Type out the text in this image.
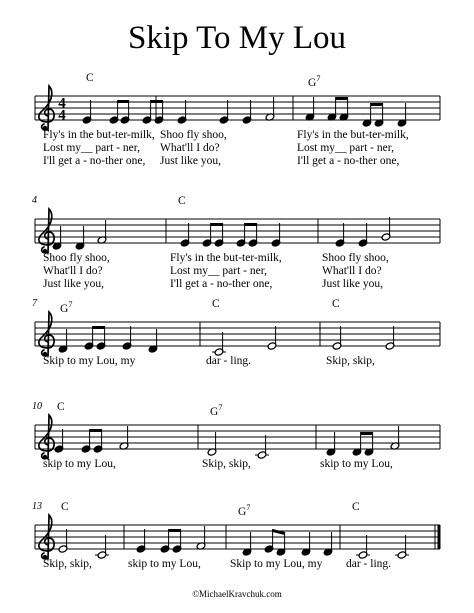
Skip To My Lou
4
4
C	$G^7$
Fly's in the but-ter-milk, Shoo fly shoo,	Fly's in the but-ter-milk,
Lost my__ part - ner, What'll I do?	Lost my__ part - ner,
I'll get a - no-ther one, Just like you,	I'll get a - no-ther one,
4	C
Shoo fly shoo,	Fly's in the but-ter-milk,	Shoo fly shoo,
What'll I do?	Lost my__ part - ner,	What'll I do?
Just like you,	I'll get a - no-ther one,	Just like you,
7 $G^7$	C	C
Skip to my Lou, my	dar - ling.	Skip, skip,
10 C	$G^7$
skip to my Lou,	Skip, skip,	skip to my Lou,
13 C	$G^7$	C
Skip, skip,	skip to my Lou,	Skip to my Lou, my dar - ling.
©MichaelKravchuk.com
